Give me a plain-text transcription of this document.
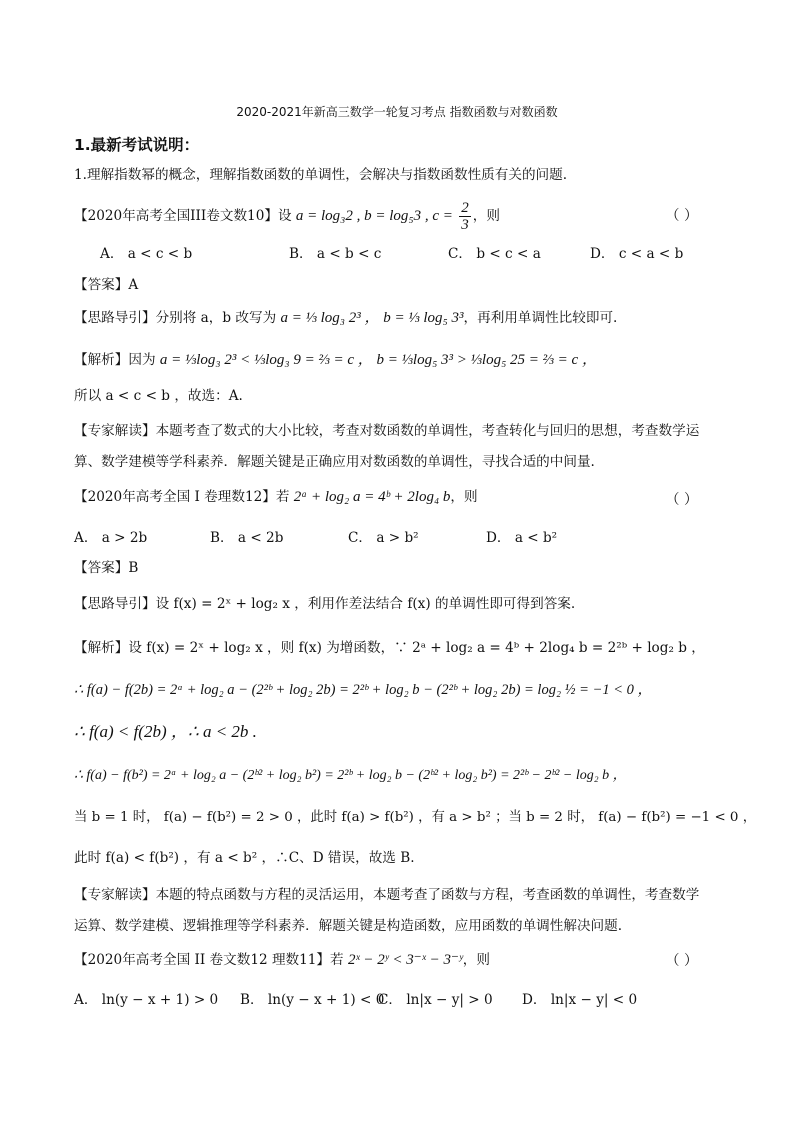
2020-2021年新高三数学一轮复习考点 指数函数与对数函数
1.最新考试说明：
1.理解指数幂的概念，理解指数函数的单调性，会解决与指数函数性质有关的问题.
【2020年高考全国III卷文数10】设 a = log₃2 , b = log₅3 , $c = \frac{2}{3}$ ，则	（ ）
A． a < c < b	B． a < b < c	C． b < c < a	D． c < a < b
【答案】A
【思路导引】分别将 a，b 改写为 a = ⅓ log₃ 2³ ， b = ⅓ log₅ 3³，再利用单调性比较即可.
【解析】因为 a = ⅓log₃ 2³ < ⅓log₃ 9 = ⅔ = c ， b = ⅓log₅ 3³ > ⅓log₅ 25 = ⅔ = c ，
所以 a < c < b ，故选：A.
【专家解读】本题考查了数式的大小比较，考查对数函数的单调性，考查转化与回归的思想，考查数学运
算、数学建模等学科素养．解题关键是正确应用对数函数的单调性，寻找合适的中间量.
【2020年高考全国 I 卷理数12】若 2ᵃ + log₂ a = 4ᵇ + 2log₄ b，则	（ ）
A． a > 2b	B． a < 2b	C． a > b²	D． a < b²
【答案】B
【思路导引】设 f(x) = 2ˣ + log₂ x ，利用作差法结合 f(x) 的单调性即可得到答案.
【解析】设 f(x) = 2ˣ + log₂ x ，则 f(x) 为增函数，∵ 2ᵃ + log₂ a = 4ᵇ + 2log₄ b = 2²ᵇ + log₂ b ，
∴ f(a) − f(2b) = 2ᵃ + log₂ a − (2²ᵇ + log₂ 2b) = 2²ᵇ + log₂ b − (2²ᵇ + log₂ 2b) = log₂ ½ = −1 < 0 ，
∴ f(a) < f(2b) ，∴ a < 2b .
∴ f(a) − f(b²) = 2ᵃ + log₂ a − (2ᵇ² + log₂ b²) = 2²ᵇ + log₂ b − (2ᵇ² + log₂ b²) = 2²ᵇ − 2ᵇ² − log₂ b ，
当 b = 1 时， f(a) − f(b²) = 2 > 0 ，此时 f(a) > f(b²) ，有 a > b² ；当 b = 2 时， f(a) − f(b²) = −1 < 0 ，
此时 f(a) < f(b²) ，有 a < b² ，∴C、D 错误，故选 B.
【专家解读】本题的特点函数与方程的灵活运用，本题考查了函数与方程，考查函数的单调性，考查数学
运算、数学建模、逻辑推理等学科素养．解题关键是构造函数，应用函数的单调性解决问题.
【2020年高考全国 II 卷文数12 理数11】若 2ˣ − 2ʸ < 3⁻ˣ − 3⁻ʸ，则	（ ）
A． ln(y − x + 1) > 0 B． ln(y − x + 1) < 0
C． ln|x − y| > 0 D． ln|x − y| < 0
